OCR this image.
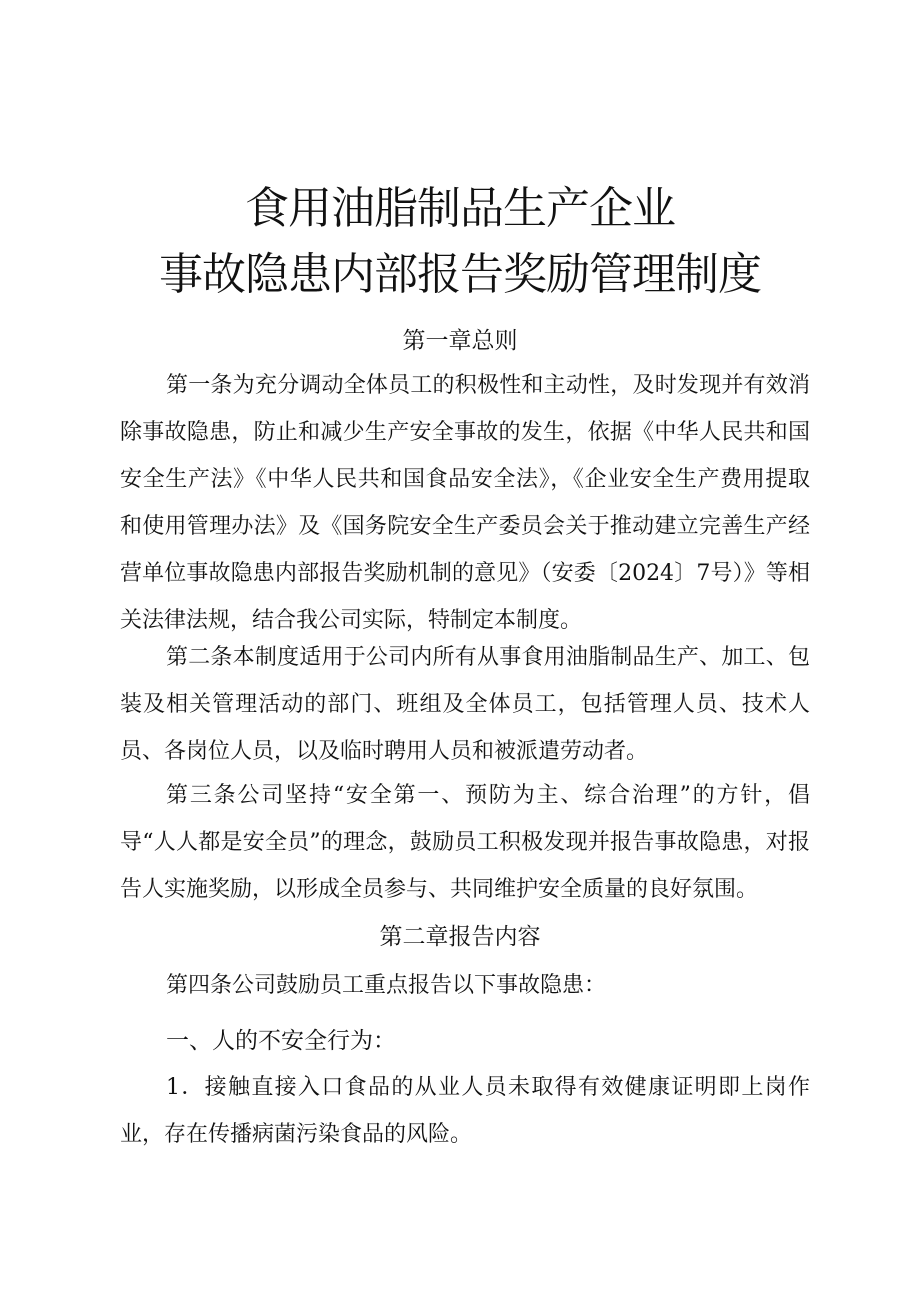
食用油脂制品生产企业
事故隐患内部报告奖励管理制度
第一章总则

第一条为充分调动全体员工的积极性和主动性，及时发现并有效消除事故隐患，防止和减少生产安全事故的发生，依据《中华人民共和国安全生产法》《中华人民共和国食品安全法》，《企业安全生产费用提取和使用管理办法》及《国务院安全生产委员会关于推动建立完善生产经营单位事故隐患内部报告奖励机制的意见》（安委〔2024〕7号）》等相关法律法规，结合我公司实际，特制定本制度。

第二条本制度适用于公司内所有从事食用油脂制品生产、加工、包装及相关管理活动的部门、班组及全体员工，包括管理人员、技术人员、各岗位人员，以及临时聘用人员和被派遣劳动者。

第三条公司坚持“安全第一、预防为主、综合治理”的方针，倡导“人人都是安全员”的理念，鼓励员工积极发现并报告事故隐患，对报告人实施奖励，以形成全员参与、共同维护安全质量的良好氛围。

第二章报告内容

第四条公司鼓励员工重点报告以下事故隐患：

一、人的不安全行为：

1．接触直接入口食品的从业人员未取得有效健康证明即上岗作业，存在传播病菌污染食品的风险。
